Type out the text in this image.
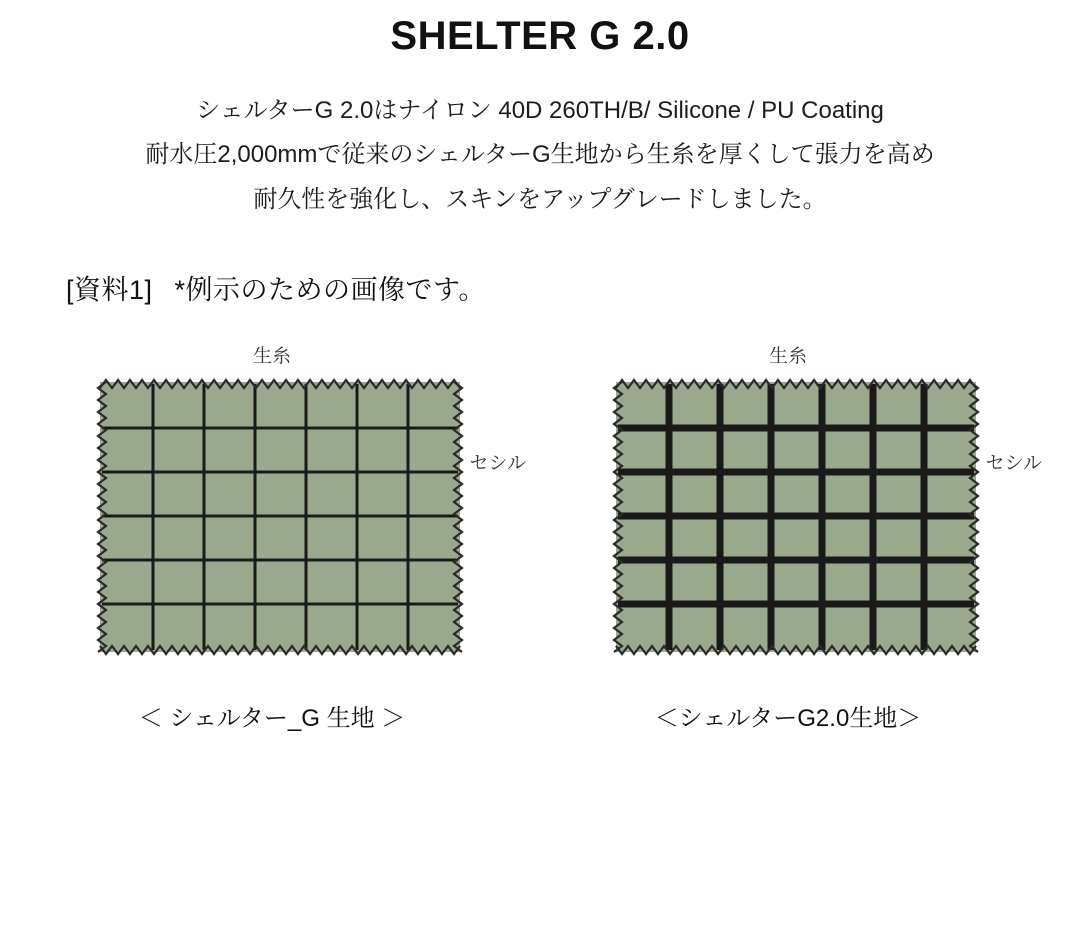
SHELTER G 2.0
シェルターG 2.0はナイロン 40D 260TH/B/ Silicone / PU Coating
耐水圧2,000mmで従来のシェルターG生地から生糸を厚くして張力を高め
耐久性を強化し、スキンをアップグレードしました。
[資料1] *例示のための画像です。
生糸
セシル
＜ シェルター_G 生地 ＞
生糸
セシル
＜シェルターG2.0生地＞
